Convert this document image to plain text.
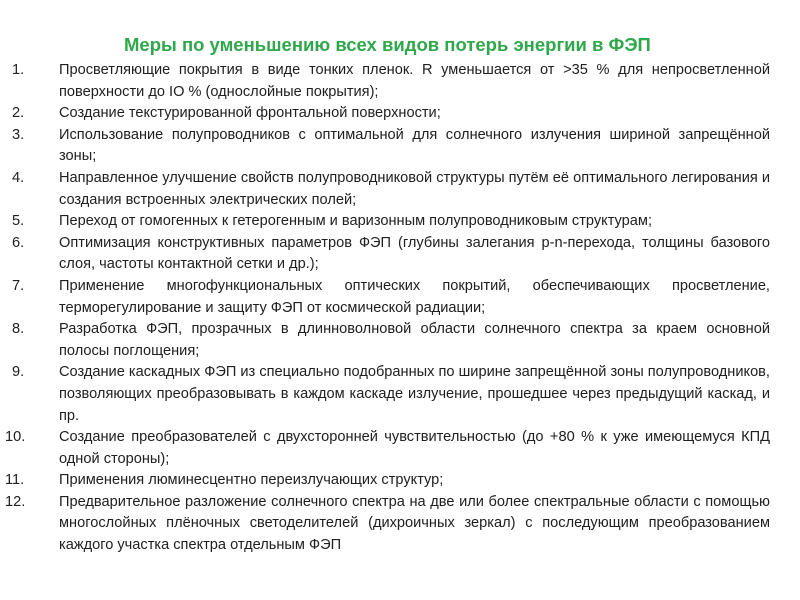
1.	Просветляющие покрытия в виде тонких пленок. R уменьшается от >35 % для непросветленной поверхности до IO % (однослойные покрытия);
2.	Создание текстурированной фронтальной поверхности;
3.	Использование полупроводников с оптимальной для солнечного излучения шириной запрещённой зоны;
4.	Направленное улучшение свойств полупроводниковой структуры путём её оптимального легирования и создания встроенных электрических полей;
5.	Переход от гомогенных к гетерогенным и варизонным полупроводниковым структурам;
6.	Оптимизация конструктивных параметров ФЭП (глубины залегания p-n-перехода, толщины базового слоя, частоты контактной сетки и др.);
7.	Применение многофункциональных оптических покрытий, обеспечивающих просветление, терморегулирование и защиту ФЭП от космической радиации;
8.	Разработка ФЭП, прозрачных в длинноволновой области солнечного спектра за краем основной полосы поглощения;
9.	Создание каскадных ФЭП из специально подобранных по ширине запрещённой зоны полупроводников, позволяющих преобразовывать в каждом каскаде излучение, прошедшее через предыдущий каскад, и пр.
10.	Создание преобразователей с двухсторонней чувствительностью (до +80 % к уже имеющемуся КПД одной стороны);
11.	Применения люминесцентно переизлучающих структур;
12.	Предварительное разложение солнечного спектра на две или более спектральные области с помощью многослойных плёночных светоделителей (дихроичных зеркал) с последующим преобразованием каждого участка спектра отдельным ФЭП
Меры по уменьшению всех видов потерь энергии в ФЭП
